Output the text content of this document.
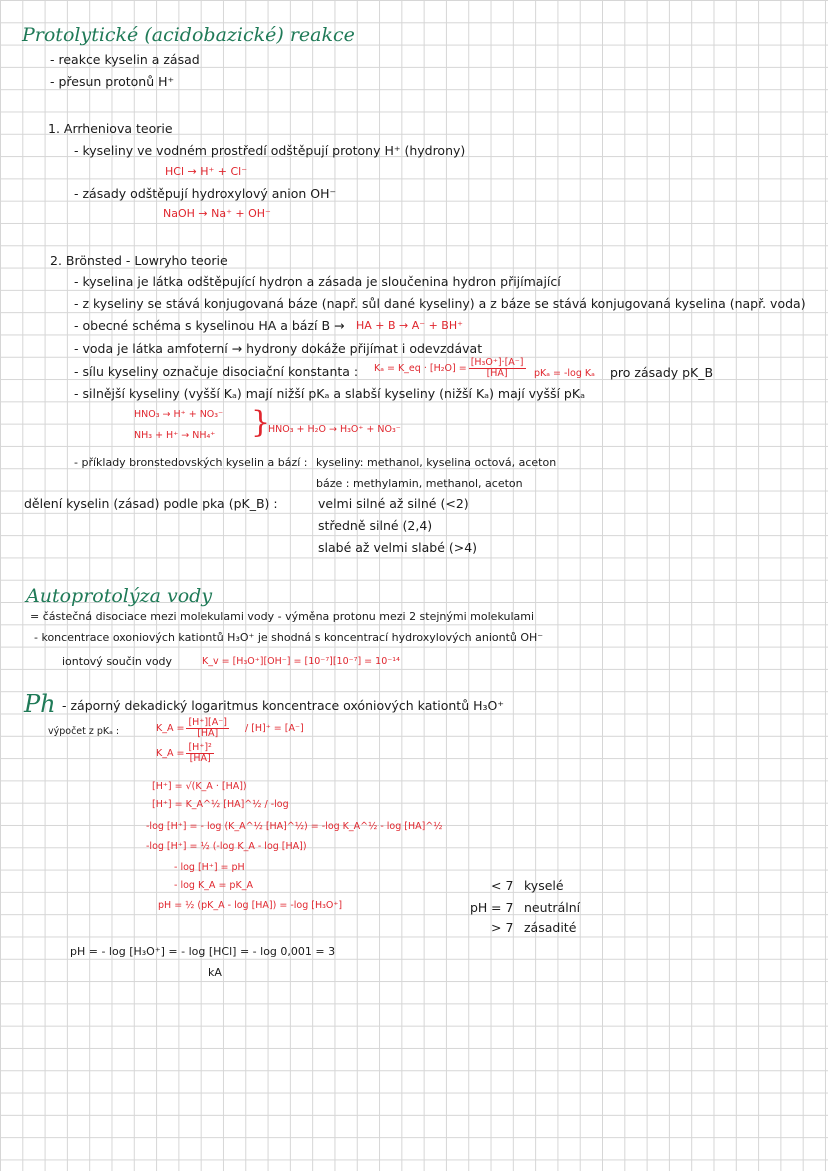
Protolytické (acidobazické) reakce
- reakce kyselin a zásad
- přesun protonů H⁺
1. Arrheniova teorie
- kyseliny ve vodném prostředí odštěpují protony H⁺ (hydrony)
HCl → H⁺ + Cl⁻
- zásady odštěpují hydroxylový anion OH⁻
NaOH → Na⁺ + OH⁻
2. Brönsted - Lowryho teorie
- kyselina je látka odštěpující hydron a zásada je sloučenina hydron přijímající
- z kyseliny se stává konjugovaná báze (např. sůl dané kyseliny) a z báze se stává konjugovaná kyselina (např. voda)
- obecné schéma s kyselinou HA a bází B → HA + B → A⁻ + BH⁺
- voda je látka amfoterní → hydrony dokáže přijímat i odevzdávat
- sílu kyseliny označuje disociační konstanta : Kₐ = K_eq · $[H_2O] = \frac{\text{[H₃O⁺]·[A⁻]}}{[HA]}$ pKₐ = -log Kₐ pro zásady pK_B
- silnější kyseliny (vyšší Kₐ) mají nižší pKₐ a slabší kyseliny (nižší Kₐ) mají vyšší pKₐ
HNO₃ → H⁺ + NO₃⁻
NH₃ + H⁺ → NH₄⁺ }
HNO₃ + H₂O → H₃O⁺ + NO₃⁻
- příklady bronstedovských kyselin a bází : kyseliny: methanol, kyselina octová, aceton
báze : methylamin, methanol, aceton
dělení kyselin (zásad) podle pka (pK_B) :	velmi silné až silné (<2)
středně silné (2,4)
slabé až velmi slabé (>4)
Autoprotolýza vody
= částečná disociace mezi molekulami vody - výměna protonu mezi 2 stejnými molekulami
- koncentrace oxoniových kationtů H₃O⁺ je shodná s koncentrací hydroxylových aniontů OH⁻
iontový součin vody	K_v = [H₃O⁺][OH⁻] = [10⁻⁷][10⁻⁷] = 10⁻¹⁴
Ph - záporný dekadický logaritmus koncentrace oxóniových kationtů H₃O⁺
výpočet z pKₐ :	K_A = $\frac{[H^+][A^-]}{[HA]} / [H]^+ = [A^-]$
K_A = $\frac{\text{[H⁺]²}}{[HA]}$
[H⁺] = √(K_A · [HA])
[H⁺] = K_A^½ [HA]^½ / -log
-log [H⁺] = - log (K_A^½ [HA]^½) = -log K_A^½ - log [HA]^½
-log [H⁺] = ½ (-log K_A - log [HA])
- log [H⁺] = pH
- log K_A = pK_A
pH = ½ (pK_A - log [HA]) = -log [H₃O⁺]	pH
< 7 kyselé
= 7 neutrální
> 7 zásadité
pH = - log [H₃O⁺] = - log [HCl] = - log 0,001 = 3
kA
